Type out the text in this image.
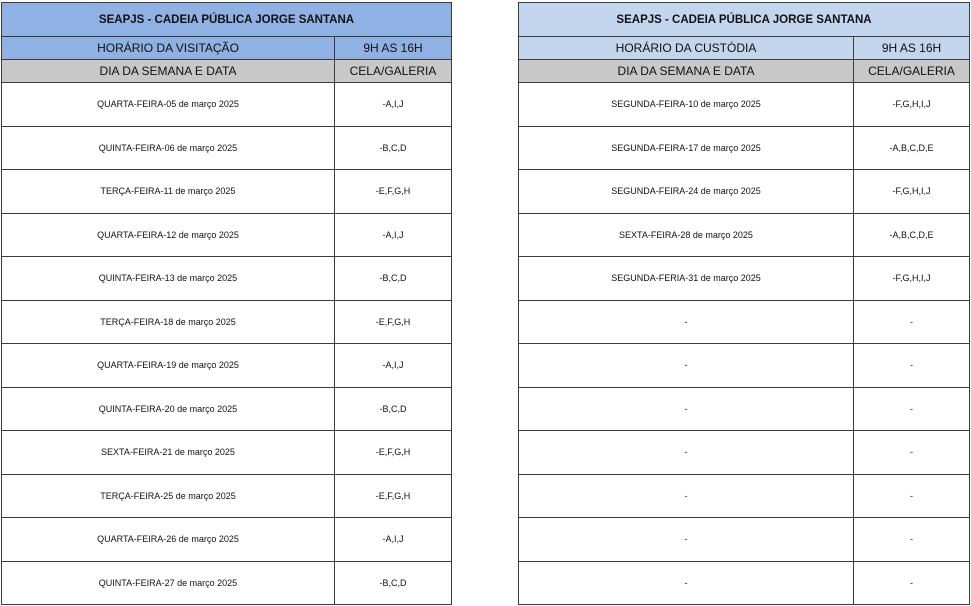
SEAPJS - CADEIA PÚBLICA JORGE SANTANA	
HORÁRIO DA VISITAÇÃO	9H AS 16H
DIA DA SEMANA E DATA	CELA/GALERIA
QUARTA-FEIRA-05 de março 2025	-A,I,J
QUINTA-FEIRA-06 de março 2025	-B,C,D
TERÇA-FEIRA-11 de março 2025	-E,F,G,H
QUARTA-FEIRA-12 de março 2025	-A,I,J
QUINTA-FEIRA-13 de março 2025	-B,C,D
TERÇA-FEIRA-18 de março 2025	-E,F,G,H
QUARTA-FEIRA-19 de março 2025	-A,I,J
QUINTA-FEIRA-20 de março 2025	-B,C,D
SEXTA-FEIRA-21 de março 2025	-E,F,G,H
TERÇA-FEIRA-25 de março 2025	-E,F,G,H
QUARTA-FEIRA-26 de março 2025	-A,I,J
QUINTA-FEIRA-27 de março 2025	-B,C,D
SEAPJS - CADEIA PÚBLICA JORGE SANTANA	
HORÁRIO DA CUSTÓDIA	9H AS 16H
DIA DA SEMANA E DATA	CELA/GALERIA
SEGUNDA-FEIRA-10 de março 2025	-F,G,H,I,J
SEGUNDA-FEIRA-17 de março 2025	-A,B,C,D,E
SEGUNDA-FEIRA-24 de março 2025	-F,G,H,I,J
SEXTA-FEIRA-28 de março 2025	-A,B,C,D,E
SEGUNDA-FERIA-31 de março 2025	-F,G,H,I,J
-	-
-	-
-	-
-	-
-	-
-	-
-	-
